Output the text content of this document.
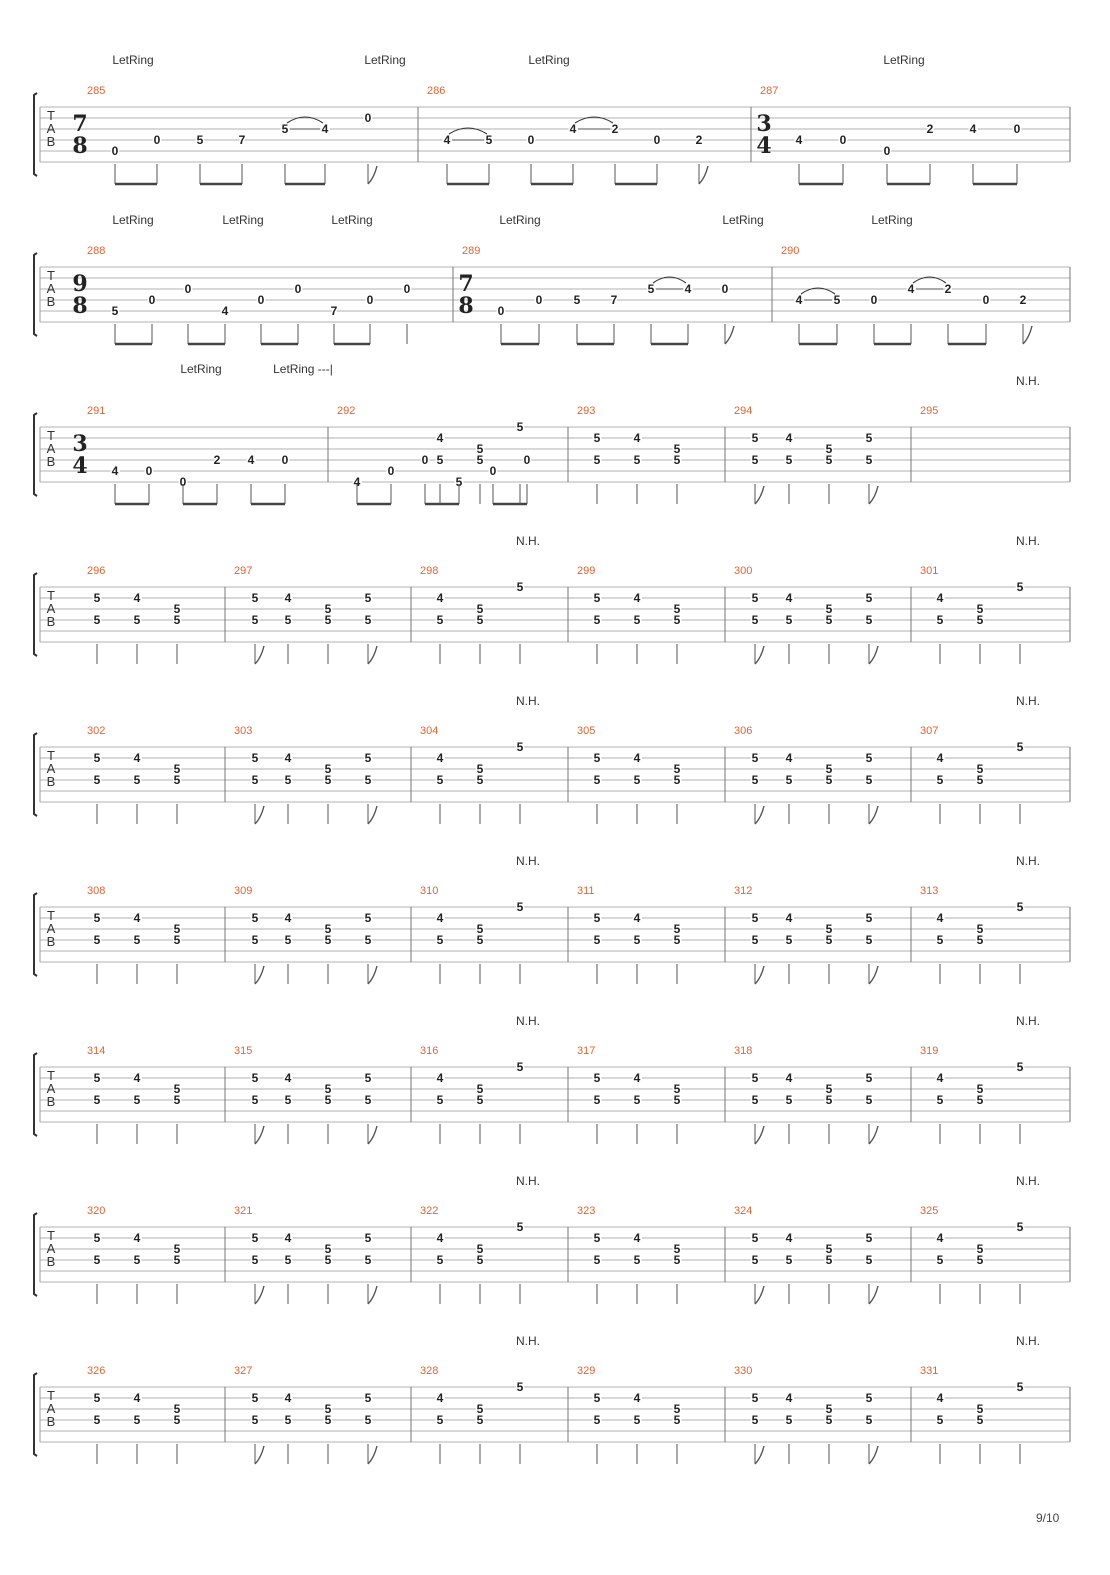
T
A
B
LetRing	LetRing	LetRing	LetRing
285
7
8 0
0	5	7
5	4
0
286
4	5	0
4	2
0	2
287
3
4 4	0
0
2	4	0
T
A
B
LetRing	LetRing	LetRing	LetRing	LetRing	LetRing
288
9
8 5
0
0
4
0
0
7
0
0
289
7
8 0
0	5	7
5	4	0
290
4	5	0
4	2
0	2
T
A
B
LetRing	LetRing ---|
N.H.
291
3
4 4 0
0
2 4 0
292
4
0
0
5
0
0
293
4
5
5
5
5
294
5
5
4
5
5
5
295
5
5
4
5
5
5
5
5
T
A
B
N.H.	N.H.
296
5
5
4
5
5
5
297
5
5
4
5
5
5
5
5
298
4
5
5
5
5
299
5
5
4
5
5
5
300
5
5
4
5
5
5
5
5
301
4
5
5
5
5
T
A
B
N.H.	N.H.
302
5
5
4
5
5
5
303
5
5
4
5
5
5
5
5
304
4
5
5
5
5
305
5
5
4
5
5
5
306
5
5
4
5
5
5
5
5
307
4
5
5
5
5
T
A
B
N.H.	N.H.
308
5
5
4
5
5
5
309
5
5
4
5
5
5
5
5
310
4
5
5
5
5
311
5
5
4
5
5
5
312
5
5
4
5
5
5
5
5
313
4
5
5
5
5
T
A
B
N.H.	N.H.
314
5
5
4
5
5
5
315
5
5
4
5
5
5
5
5
316
4
5
5
5
5
317
5
5
4
5
5
5
318
5
5
4
5
5
5
5
5
319
4
5
5
5
5
T
A
B
N.H.	N.H.
320
5
5
4
5
5
5
321
5
5
4
5
5
5
5
5
322
4
5
5
5
5
323
5
5
4
5
5
5
324
5
5
4
5
5
5
5
5
325
4
5
5
5
5
T
A
B
N.H.	N.H.
326
5
5
4
5
5
5
327
5
5
4
5
5
5
5
5
328
4
5
5
5
5
329
5
5
4
5
5
5
330
5
5
4
5
5
5
5
5
331
4
5
5
5
5
9/10
